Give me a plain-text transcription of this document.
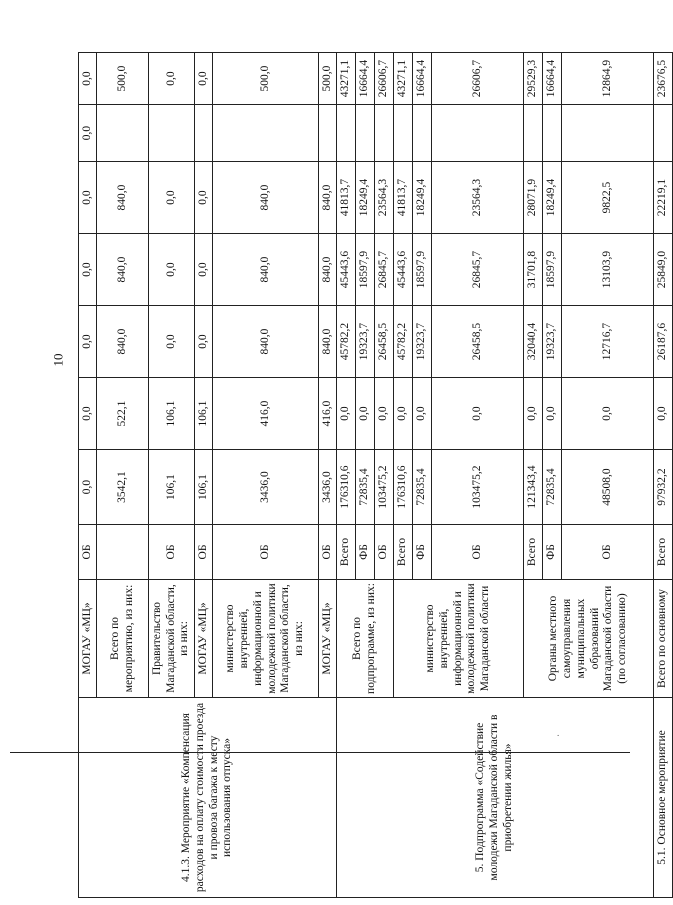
10
4.1.3. Мероприятие «Компенсация расходов на оплату стоимости проезда и провоза багажа к месту использования отпуска»	МОГАУ «МЦ»	ОБ	0,0	0,0	0,0	0,0	0,0	0,0	0,0
	Всего по мероприятию, из них:		3542,1	522,1	840,0	840,0	840,0		500,0
	Правительство Магаданской области, из них:	ОБ	106,1	106,1	0,0	0,0	0,0		0,0
	МОГАУ «МЦ»	ОБ	106,1	106,1	0,0	0,0	0,0		0,0
	министерство внутренней, информационной и молодежной политики Магаданской области, из них:	ОБ	3436,0	416,0	840,0	840,0	840,0		500,0
	МОГАУ «МЦ»	ОБ	3436,0	416,0	840,0	840,0	840,0		500,0
5. Подпрограмма «Содействие молодежи Магаданской области в приобретении жилья»	Всего по подпрограмме, из них:	Всего	176310,6	0,0	45782,2	45443,6	41813,7		43271,1
		ФБ	72835,4	0,0	19323,7	18597,9	18249,4		16664,4
		ОБ	103475,2	0,0	26458,5	26845,7	23564,3		26606,7
	министерство внутренней, информационной и молодежной политики Магаданской области	Всего	176310,6	0,0	45782,2	45443,6	41813,7		43271,1
		ФБ	72835,4	0,0	19323,7	18597,9	18249,4		16664,4
		ОБ	103475,2	0,0	26458,5	26845,7	23564,3		26606,7
	Органы местного самоуправления муниципальных образований Магаданской области (по согласованию)	Всего	121343,4	0,0	32040,4	31701,8	28071,9		29529,3
		ФБ	72835,4	0,0	19323,7	18597,9	18249,4		16664,4
		ОБ	48508,0	0,0	12716,7	13103,9	9822,5		12864,9
5.1. Основное мероприятие	Всего по основному	Всего	97932,2	0,0	26187,6	25849,0	22219,1		23676,5
.
